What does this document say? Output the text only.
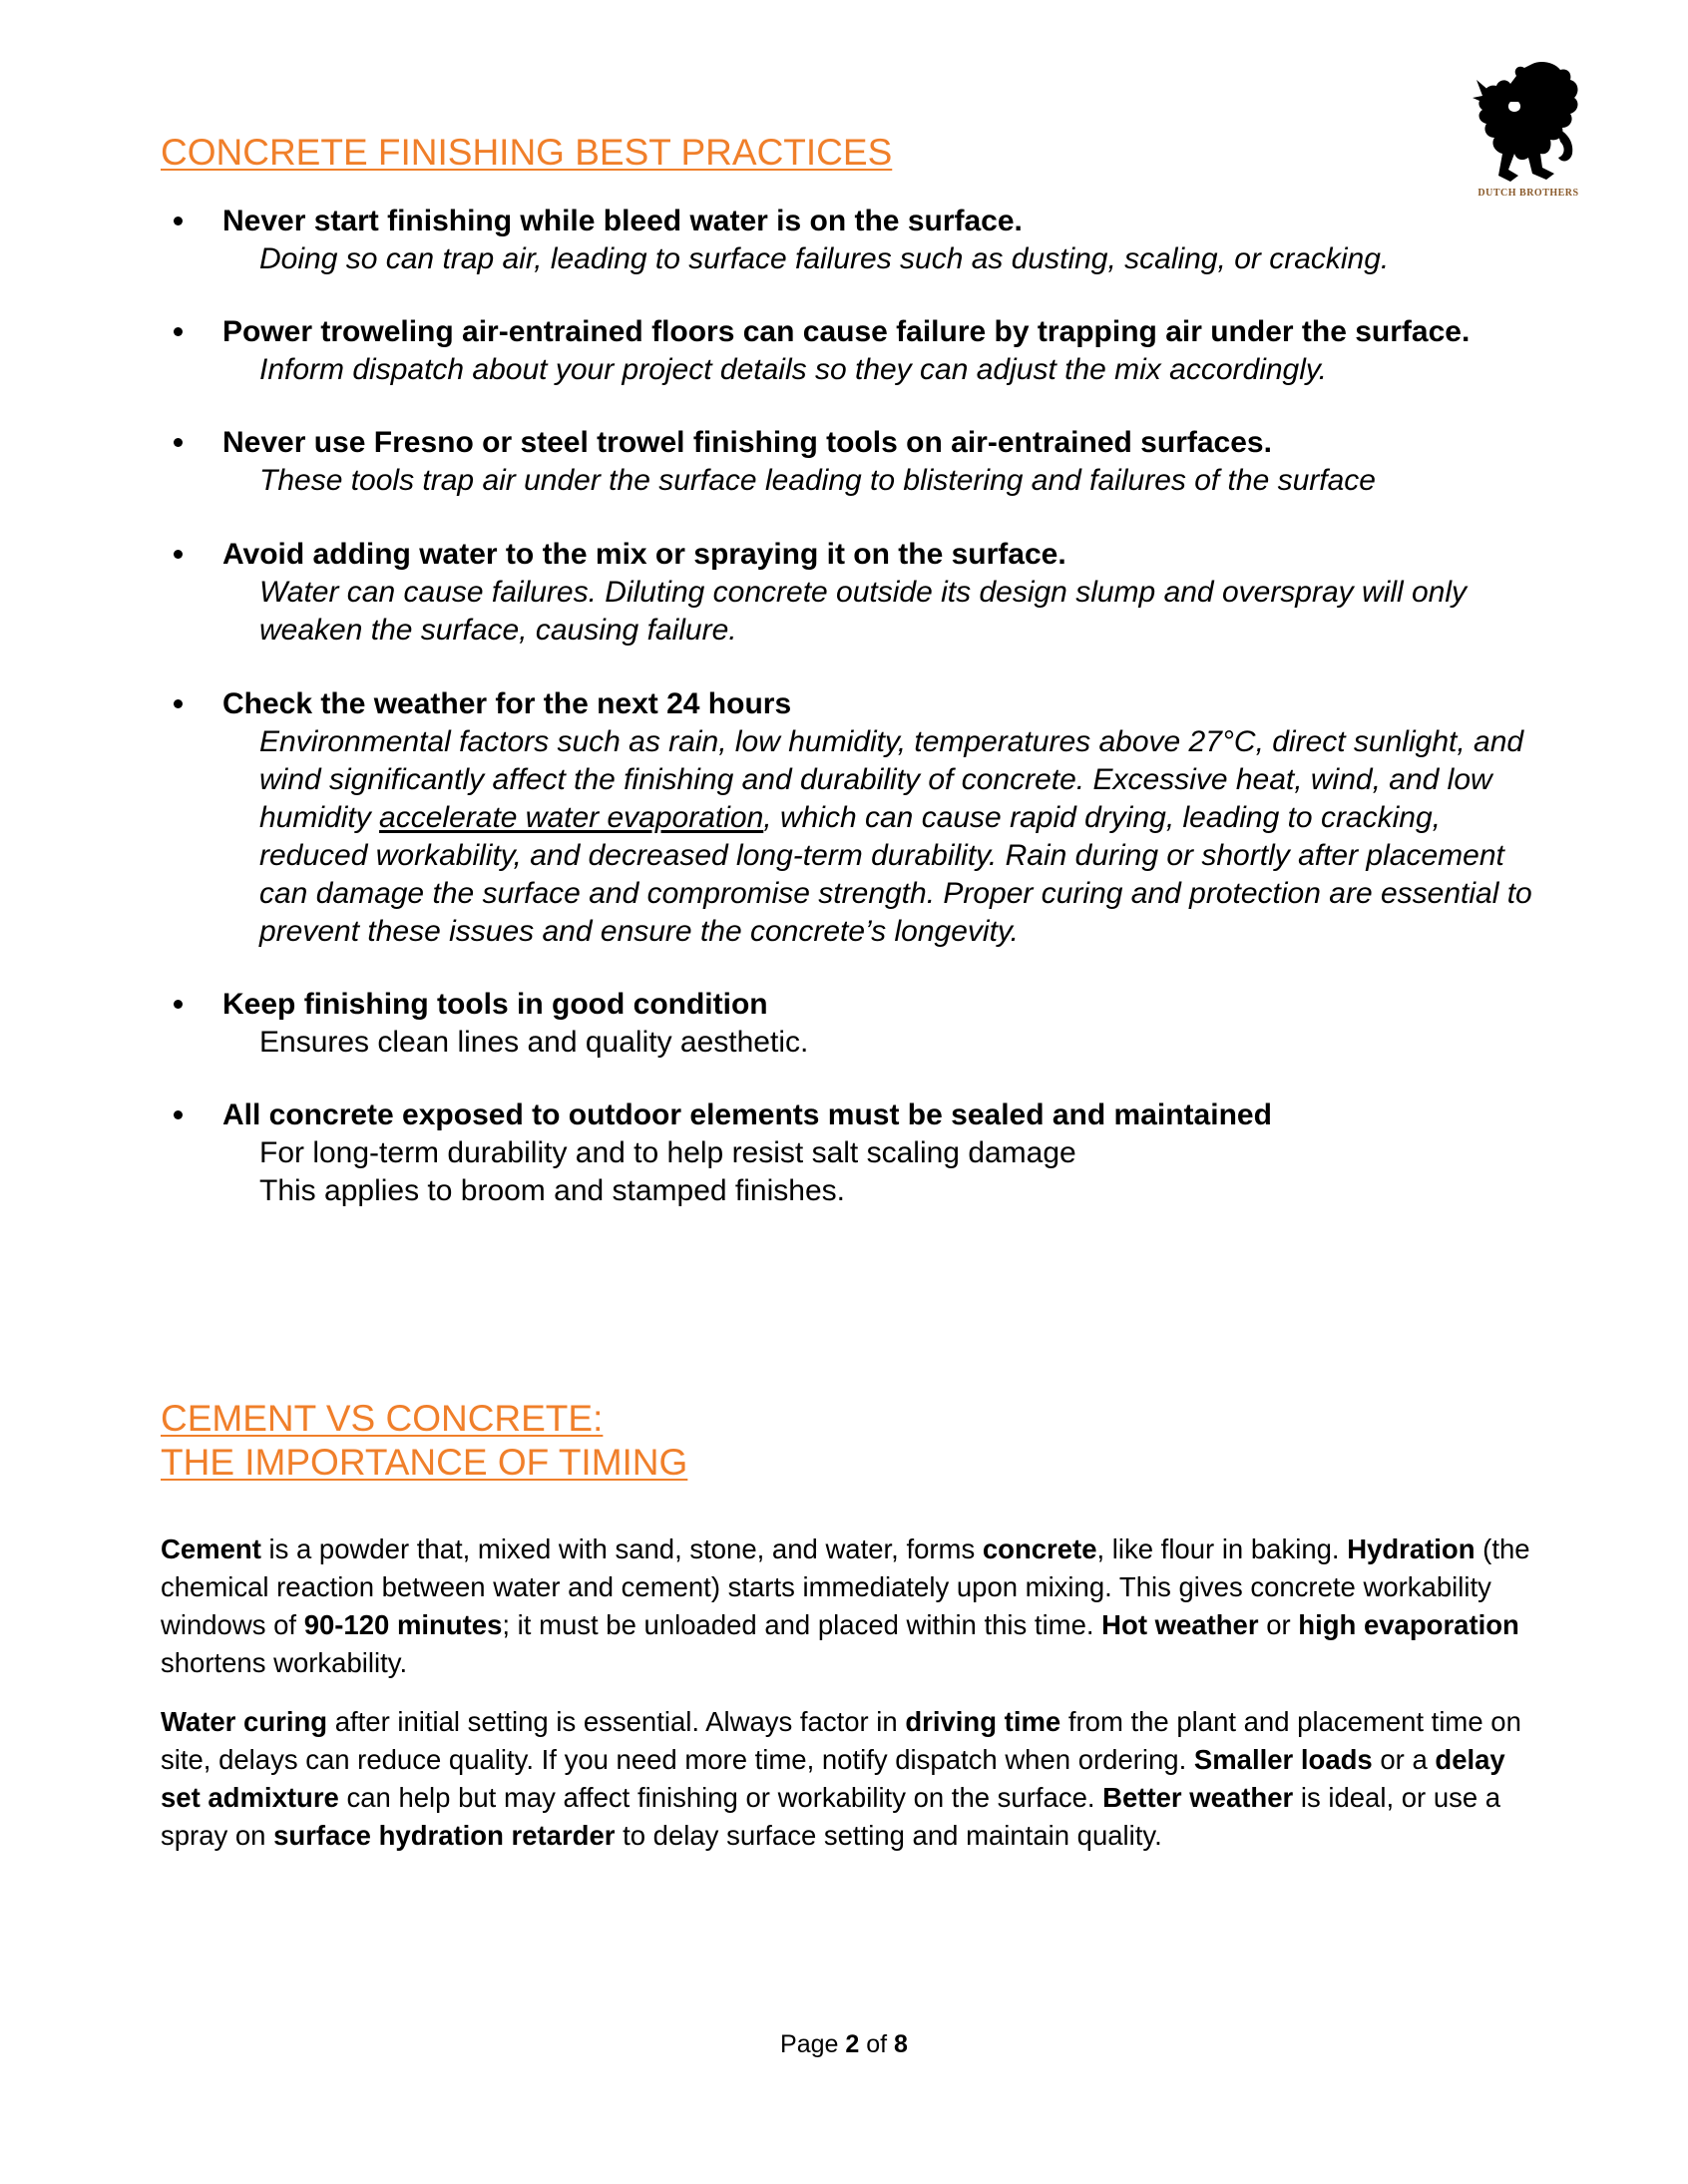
DUTCH BROTHERS
CONCRETE FINISHING BEST PRACTICES
Never start finishing while bleed water is on the surface.
Doing so can trap air, leading to surface failures such as dusting, scaling, or cracking.
Power troweling air-entrained floors can cause failure by trapping air under the surface.
Inform dispatch about your project details so they can adjust the mix accordingly.
Never use Fresno or steel trowel finishing tools on air-entrained surfaces.
These tools trap air under the surface leading to blistering and failures of the surface
Avoid adding water to the mix or spraying it on the surface.
Water can cause failures. Diluting concrete outside its design slump and overspray will only weaken the surface, causing failure.
Check the weather for the next 24 hours
Environmental factors such as rain, low humidity, temperatures above 27°C, direct sunlight, and wind significantly affect the finishing and durability of concrete. Excessive heat, wind, and low humidity accelerate water evaporation, which can cause rapid drying, leading to cracking, reduced workability, and decreased long-term durability. Rain during or shortly after placement can damage the surface and compromise strength. Proper curing and protection are essential to prevent these issues and ensure the concrete’s longevity.
Keep finishing tools in good condition
Ensures clean lines and quality aesthetic.
All concrete exposed to outdoor elements must be sealed and maintained
For long-term durability and to help resist salt scaling damage
This applies to broom and stamped finishes.
CEMENT VS CONCRETE:
THE IMPORTANCE OF TIMING

Cement is a powder that, mixed with sand, stone, and water, forms concrete, like flour in baking. Hydration (the chemical reaction between water and cement) starts immediately upon mixing. This gives concrete workability windows of 90-120 minutes; it must be unloaded and placed within this time. Hot weather or high evaporation shortens workability.

Water curing after initial setting is essential. Always factor in driving time from the plant and placement time on site, delays can reduce quality. If you need more time, notify dispatch when ordering. Smaller loads or a delay set admixture can help but may affect finishing or workability on the surface. Better weather is ideal, or use a spray on surface hydration retarder to delay surface setting and maintain quality.

Page 2 of 8
